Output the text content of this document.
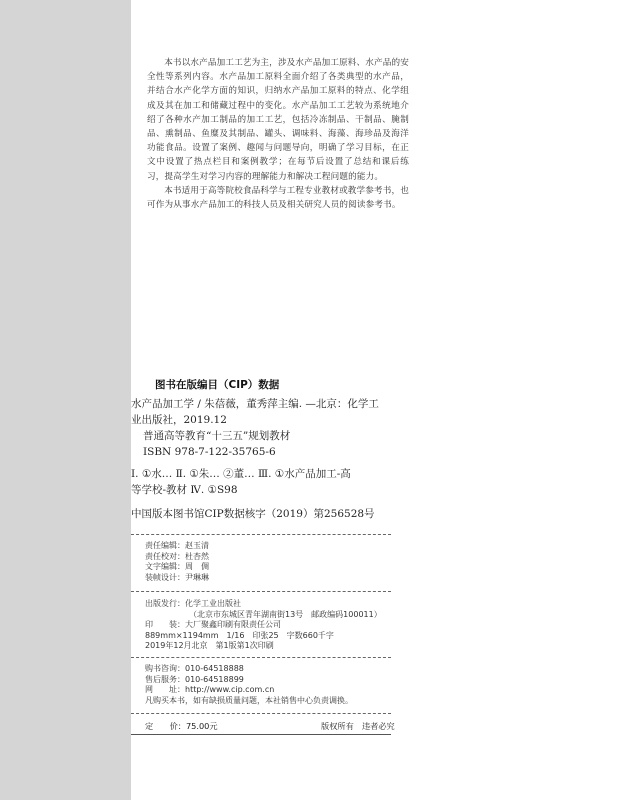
本书以水产品加工工艺为主，涉及水产品加工原料、水产品的安全性等系列内容。水产品加工原料全面介绍了各类典型的水产品，并结合水产化学方面的知识，归纳水产品加工原料的特点、化学组成及其在加工和储藏过程中的变化。水产品加工工艺较为系统地介绍了各种水产加工制品的加工工艺，包括冷冻制品、干制品、腌制品、熏制品、鱼糜及其制品、罐头、调味料、海藻、海珍品及海洋功能食品。设置了案例、趣闻与问题导向，明确了学习目标，在正文中设置了热点栏目和案例教学；在每节后设置了总结和课后练习，提高学生对学习内容的理解能力和解决工程问题的能力。

本书适用于高等院校食品科学与工程专业教材或教学参考书，也可作为从事水产品加工的科技人员及相关研究人员的阅读参考书。

图书在版编目（CIP）数据
水产品加工学 / 朱蓓薇，董秀萍主编. —北京：化学工
业出版社，2019.12
普通高等教育“十三五”规划教材
ISBN 978-7-122-35765-6
Ⅰ. ①水… Ⅱ. ①朱… ②董… Ⅲ. ①水产品加工-高
等学校-教材 Ⅳ. ①S98
中国版本图书馆CIP数据核字（2019）第256528号
责任编辑：赵玉清
责任校对：杜杏然
文字编辑：周　倜
装帧设计：尹琳琳
出版发行：化学工业出版社
（北京市东城区青年湖南街13号　邮政编码100011）
印　　装：大厂聚鑫印刷有限责任公司
889mm×1194mm　1/16　印张25　字数660千字
2019年12月北京　第1版第1次印刷
购书咨询：010-64518888
售后服务：010-64518899
网　　址：http://www.cip.com.cn
凡购买本书，如有缺损质量问题，本社销售中心负责调换。
定　　价：75.00元	版权所有　违者必究
